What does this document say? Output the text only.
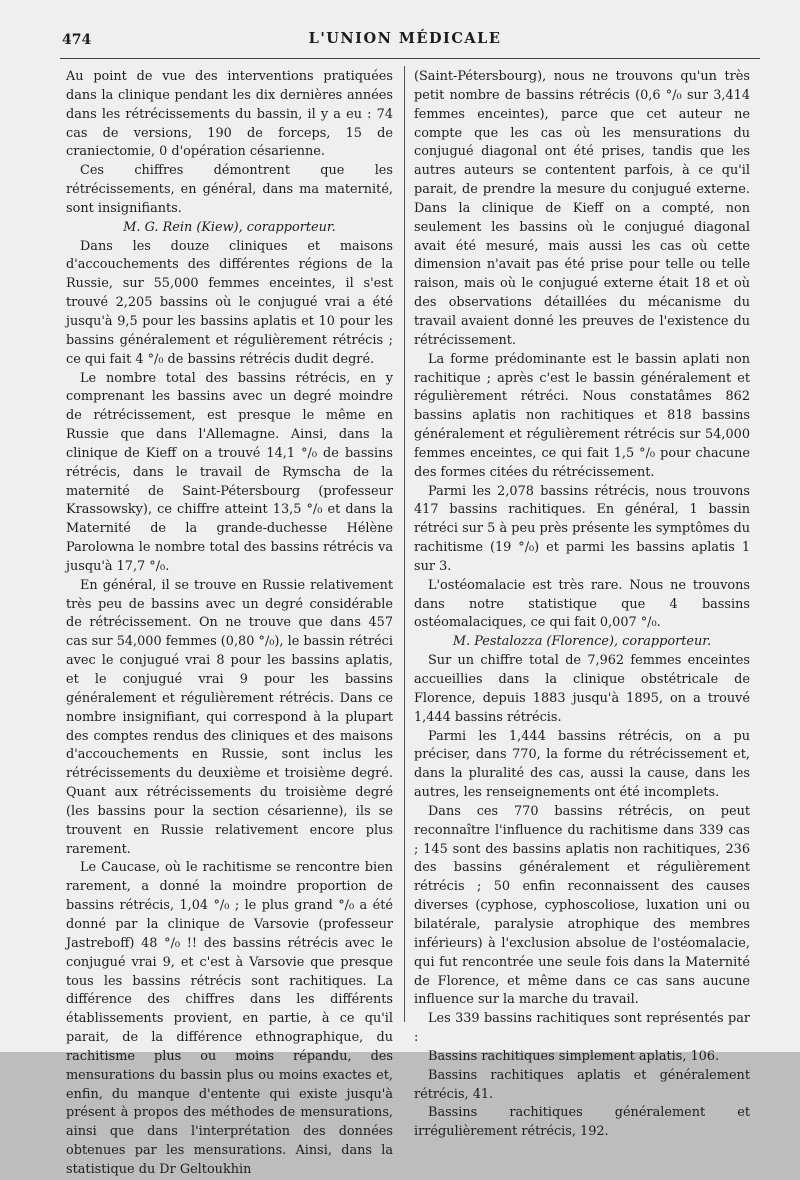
474	L'UNION MÉDICALE

Au point de vue des interventions pratiquées dans la clinique pendant les dix dernières années dans les rétrécissements du bassin, il y a eu : 74 cas de versions, 190 de forceps, 15 de craniectomie, 0 d'opération césarienne.

Ces chiffres démontrent que les rétrécissements, en général, dans ma maternité, sont insignifiants.

M. G. Rein (Kiew), corapporteur.

Dans les douze cliniques et maisons d'accouchements des différentes régions de la Russie, sur 55,000 femmes enceintes, il s'est trouvé 2,205 bassins où le conjugué vrai a été jusqu'à 9,5 pour les bassins aplatis et 10 pour les bassins généralement et régulièrement rétrécis ; ce qui fait 4 °/₀ de bassins rétrécis dudit degré.

Le nombre total des bassins rétrécis, en y comprenant les bassins avec un degré moindre de rétrécissement, est presque le même en Russie que dans l'Allemagne. Ainsi, dans la clinique de Kieff on a trouvé 14,1 °/₀ de bassins rétrécis, dans le travail de Rymscha de la maternité de Saint-Pétersbourg (professeur Krassowsky), ce chiffre atteint 13,5 °/₀ et dans la Maternité de la grande-duchesse Hélène Parolowna le nombre total des bassins rétrécis va jusqu'à 17,7 °/₀.

En général, il se trouve en Russie relativement très peu de bassins avec un degré considérable de rétrécissement. On ne trouve que dans 457 cas sur 54,000 femmes (0,80 °/₀), le bassin rétréci avec le conjugué vrai 8 pour les bassins aplatis, et le conjugué vrai 9 pour les bassins généralement et régulièrement rétrécis. Dans ce nombre insignifiant, qui correspond à la plupart des comptes rendus des cliniques et des maisons d'accouchements en Russie, sont inclus les rétrécissements du deuxième et troisième degré. Quant aux rétrécissements du troisième degré (les bassins pour la section césarienne), ils se trouvent en Russie relativement encore plus rarement.

Le Caucase, où le rachitisme se rencontre bien rarement, a donné la moindre proportion de bassins rétrécis, 1,04 °/₀ ; le plus grand °/₀ a été donné par la clinique de Varsovie (professeur Jastreboff) 48 °/₀ !! des bassins rétrécis avec le conjugué vrai 9, et c'est à Varsovie que presque tous les bassins rétrécis sont rachitiques. La différence des chiffres dans les différents établissements provient, en partie, à ce qu'il parait, de la différence ethnographique, du rachitisme plus ou moins répandu, des mensurations du bassin plus ou moins exactes et, enfin, du manque d'entente qui existe jusqu'à présent à propos des méthodes de mensurations, ainsi que dans l'interprétation des données obtenues par les mensurations. Ainsi, dans la statistique du Dr Geltoukhin

(Saint-Pétersbourg), nous ne trouvons qu'un très petit nombre de bassins rétrécis (0,6 °/₀ sur 3,414 femmes enceintes), parce que cet auteur ne compte que les cas où les mensurations du conjugué diagonal ont été prises, tandis que les autres auteurs se contentent parfois, à ce qu'il parait, de prendre la mesure du conjugué externe. Dans la clinique de Kieff on a compté, non seulement les bassins où le conjugué diagonal avait été mesuré, mais aussi les cas où cette dimension n'avait pas été prise pour telle ou telle raison, mais où le conjugué externe était 18 et où des observations détaillées du mécanisme du travail avaient donné les preuves de l'existence du rétrécissement.

La forme prédominante est le bassin aplati non rachitique ; après c'est le bassin généralement et régulièrement rétréci. Nous constatâmes 862 bassins aplatis non rachitiques et 818 bassins généralement et régulièrement rétrécis sur 54,000 femmes enceintes, ce qui fait 1,5 °/₀ pour chacune des formes citées du rétrécissement.

Parmi les 2,078 bassins rétrécis, nous trouvons 417 bassins rachitiques. En général, 1 bassin rétréci sur 5 à peu près présente les symptômes du rachitisme (19 °/₀) et parmi les bassins aplatis 1 sur 3.

L'ostéomalacie est très rare. Nous ne trouvons dans notre statistique que 4 bassins ostéomalaciques, ce qui fait 0,007 °/₀.

M. Pestalozza (Florence), corapporteur.

Sur un chiffre total de 7,962 femmes enceintes accueillies dans la clinique obstétricale de Florence, depuis 1883 jusqu'à 1895, on a trouvé 1,444 bassins rétrécis.

Parmi les 1,444 bassins rétrécis, on a pu préciser, dans 770, la forme du rétrécissement et, dans la pluralité des cas, aussi la cause, dans les autres, les renseignements ont été incomplets.

Dans ces 770 bassins rétrécis, on peut reconnaître l'influence du rachitisme dans 339 cas ; 145 sont des bassins aplatis non rachitiques, 236 des bassins généralement et régulièrement rétrécis ; 50 enfin reconnaissent des causes diverses (cyphose, cyphoscoliose, luxation uni ou bilatérale, paralysie atrophique des membres inférieurs) à l'exclusion absolue de l'ostéomalacie, qui fut rencontrée une seule fois dans la Maternité de Florence, et même dans ce cas sans aucune influence sur la marche du travail.

Les 339 bassins rachitiques sont représentés par :

Bassins rachitiques simplement aplatis, 106.

Bassins rachitiques aplatis et généralement rétrécis, 41.

Bassins rachitiques généralement et irrégulièrement rétrécis, 192.
